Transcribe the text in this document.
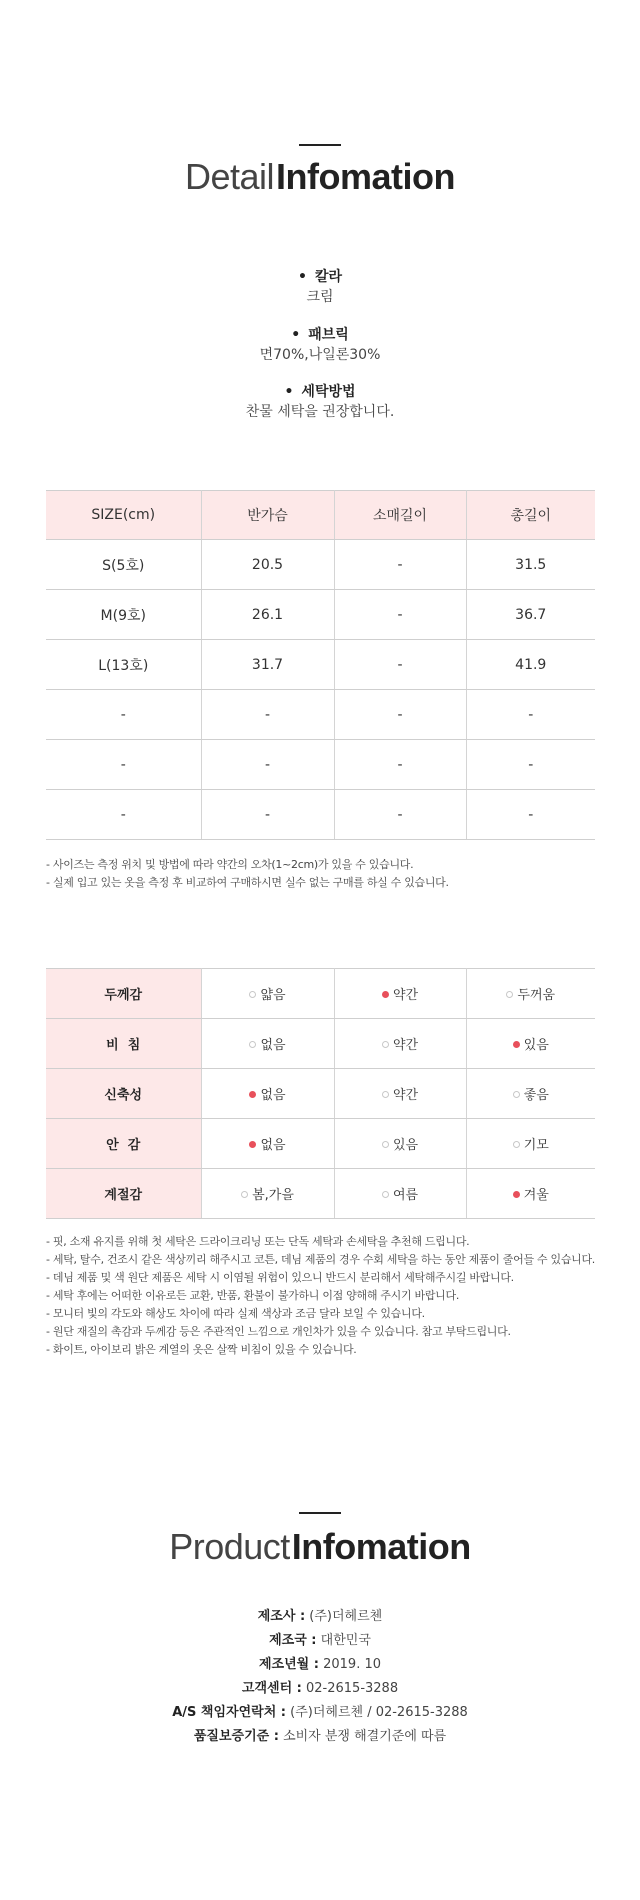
DetailInfomation
• 칼라
크림
• 패브릭
면70%,나일론30%
• 세탁방법
찬물 세탁을 권장합니다.
SIZE(cm)	반가슴	소매길이	총길이
S(5호)	20.5	-	31.5
M(9호)	26.1	-	36.7
L(13호)	31.7	-	41.9
-	-	-	-
-	-	-	-
-	-	-	-
- 사이즈는 측정 위치 및 방법에 따라 약간의 오차(1~2cm)가 있을 수 있습니다.
- 실제 입고 있는 옷을 측정 후 비교하여 구매하시면 실수 없는 구매를 하실 수 있습니다.
두께감	얇음	약간	두꺼움
비  침	없음	약간	있음
신축성	없음	약간	좋음
안  감	없음	있음	기모
계절감	봄,가을	여름	겨울
- 핏, 소재 유지를 위해 첫 세탁은 드라이크리닝 또는 단독 세탁과 손세탁을 추천해 드립니다.
- 세탁, 탈수, 건조시 같은 색상끼리 해주시고 코튼, 데님 제품의 경우 수회 세탁을 하는 동안 제품이 줄어들 수 있습니다.
- 데님 제품 및 색 원단 제품은 세탁 시 이염될 위험이 있으니 반드시 분리해서 세탁해주시길 바랍니다.
- 세탁 후에는 어떠한 이유로든 교환, 반품, 환불이 불가하니 이점 양해해 주시기 바랍니다.
- 모니터 빛의 각도와 해상도 차이에 따라 실제 색상과 조금 달라 보일 수 있습니다.
- 원단 재질의 촉감과 두께감 등은 주관적인 느낌으로 개인차가 있을 수 있습니다. 참고 부탁드립니다.
- 화이트, 아이보리 밝은 계열의 옷은 살짝 비침이 있을 수 있습니다.
ProductInfomation
제조사 : (주)더헤르첸
제조국 : 대한민국
제조년월 : 2019. 10
고객센터 : 02-2615-3288
A/S 책임자연락처 : (주)더헤르첸 / 02-2615-3288
품질보증기준 : 소비자 분쟁 해결기준에 따름
